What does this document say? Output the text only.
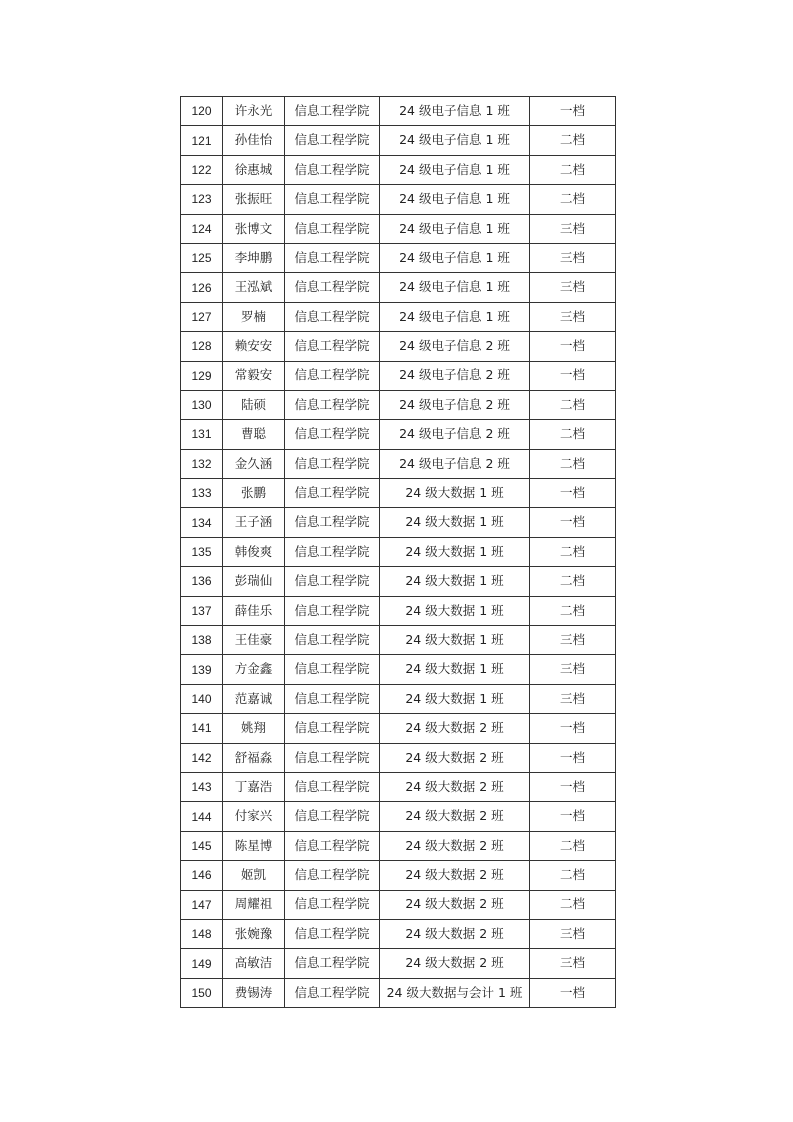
120	许永光	信息工程学院	24 级电子信息 1 班	一档
121	孙佳怡	信息工程学院	24 级电子信息 1 班	二档
122	徐惠城	信息工程学院	24 级电子信息 1 班	二档
123	张振旺	信息工程学院	24 级电子信息 1 班	二档
124	张博文	信息工程学院	24 级电子信息 1 班	三档
125	李坤鹏	信息工程学院	24 级电子信息 1 班	三档
126	王泓斌	信息工程学院	24 级电子信息 1 班	三档
127	罗楠	信息工程学院	24 级电子信息 1 班	三档
128	赖安安	信息工程学院	24 级电子信息 2 班	一档
129	常毅安	信息工程学院	24 级电子信息 2 班	一档
130	陆硕	信息工程学院	24 级电子信息 2 班	二档
131	曹聪	信息工程学院	24 级电子信息 2 班	二档
132	金久涵	信息工程学院	24 级电子信息 2 班	二档
133	张鹏	信息工程学院	24 级大数据 1 班	一档
134	王子涵	信息工程学院	24 级大数据 1 班	一档
135	韩俊爽	信息工程学院	24 级大数据 1 班	二档
136	彭瑞仙	信息工程学院	24 级大数据 1 班	二档
137	薛佳乐	信息工程学院	24 级大数据 1 班	二档
138	王佳豪	信息工程学院	24 级大数据 1 班	三档
139	方金鑫	信息工程学院	24 级大数据 1 班	三档
140	范嘉诚	信息工程学院	24 级大数据 1 班	三档
141	姚翔	信息工程学院	24 级大数据 2 班	一档
142	舒福淼	信息工程学院	24 级大数据 2 班	一档
143	丁嘉浩	信息工程学院	24 级大数据 2 班	一档
144	付家兴	信息工程学院	24 级大数据 2 班	一档
145	陈星博	信息工程学院	24 级大数据 2 班	二档
146	姬凯	信息工程学院	24 级大数据 2 班	二档
147	周耀祖	信息工程学院	24 级大数据 2 班	二档
148	张婉豫	信息工程学院	24 级大数据 2 班	三档
149	高敏洁	信息工程学院	24 级大数据 2 班	三档
150	费锡涛	信息工程学院	24 级大数据与会计 1 班	一档
